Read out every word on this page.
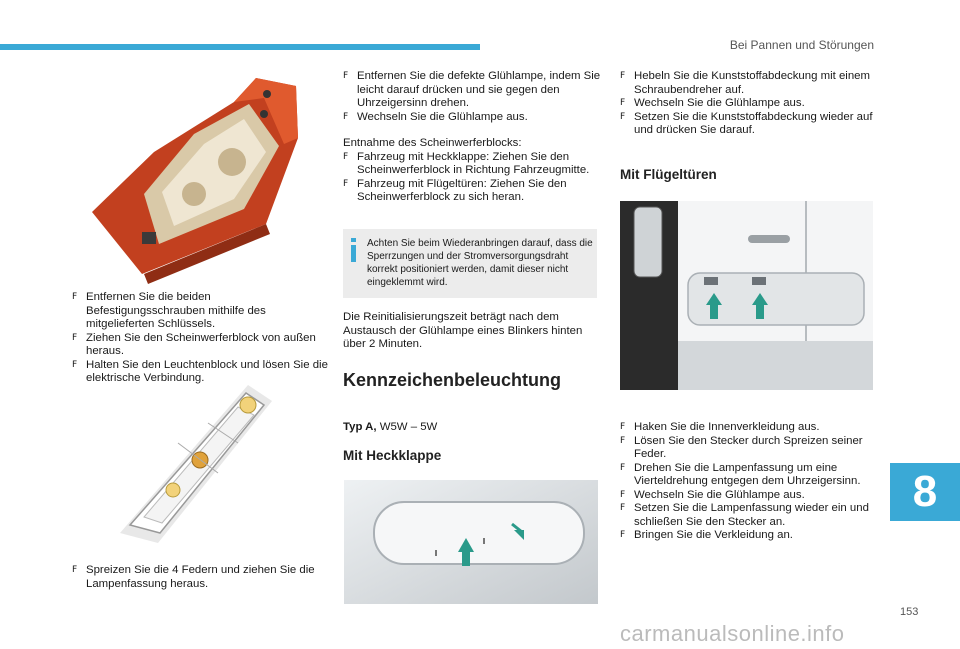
Bei Pannen und Störungen
8
153
carmanualsonline.info

F Entfernen Sie die beiden Befestigungsschrauben mithilfe des mitgelieferten Schlüssels.

F Ziehen Sie den Scheinwerferblock von außen heraus.

F Halten Sie den Leuchtenblock und lösen Sie die elektrische Verbindung.

F Spreizen Sie die 4 Federn und ziehen Sie die Lampenfassung heraus.

F Entfernen Sie die defekte Glühlampe, indem Sie leicht darauf drücken und sie gegen den Uhrzeigersinn drehen.

F Wechseln Sie die Glühlampe aus.

Entnahme des Scheinwerferblocks:

F Fahrzeug mit Heckklappe: Ziehen Sie den Scheinwerferblock in Richtung Fahrzeugmitte.

F Fahrzeug mit Flügeltüren: Ziehen Sie den Scheinwerferblock zu sich heran.

Achten Sie beim Wiederanbringen darauf, dass die Sperrzungen und der Stromversorgungsdraht korrekt positioniert werden, damit dieser nicht eingeklemmt wird.
Die Reinitialisierungszeit beträgt nach dem Austausch der Glühlampe eines Blinkers hinten über 2 Minuten.
Kennzeichenbeleuchtung
Typ A, W5W – 5W
Mit Heckklappe

F Hebeln Sie die Kunststoffabdeckung mit einem Schraubendreher auf.

F Wechseln Sie die Glühlampe aus.

F Setzen Sie die Kunststoffabdeckung wieder auf und drücken Sie darauf.

Mit Flügeltüren

F Haken Sie die Innenverkleidung aus.

F Lösen Sie den Stecker durch Spreizen seiner Feder.

F Drehen Sie die Lampenfassung um eine Vierteldrehung entgegen dem Uhrzeigersinn.

F Wechseln Sie die Glühlampe aus.

F Setzen Sie die Lampenfassung wieder ein und schließen Sie den Stecker an.

F Bringen Sie die Verkleidung an.
